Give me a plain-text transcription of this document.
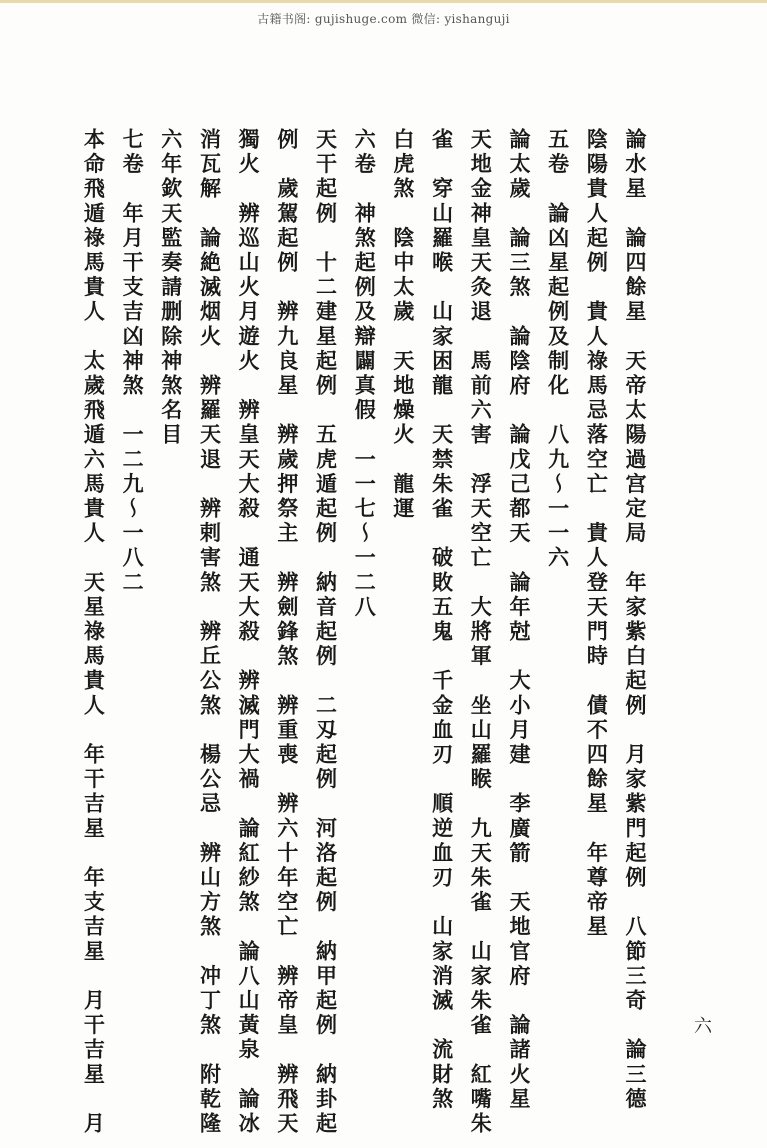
古籍书阁: gujishuge.com 微信: yishanguji
論水星　論四餘星　天帝太陽過宫定局　年家紫白起例　月家紫門起例　八節三奇　論三德
陰陽貴人起例　貴人祿馬忌落空亡　貴人登天門時　債不四餘星　年尊帝星
五卷　論凶星起例及制化　八九～一一六
論太歲　論三煞　論陰府　論戊己都天　論年尅　大小月建　李廣箭　天地官府　論諸火星
天地金神皇天灸退　馬前六害　浮天空亡　大將軍　坐山羅睺　九天朱雀　山家朱雀　紅嘴朱
雀　穿山羅喉　山家困龍　天禁朱雀　破敗五鬼　千金血刃　順逆血刃　山家消滅　流財煞
白虎煞　陰中太歲　天地燥火　龍運
六卷　神煞起例及辯闢真假　一一七～一二八
天干起例　十二建星起例　五虎遁起例　納音起例　二刄起例　河洛起例　納甲起例　納卦起
例　歲駕起例　辨九良星　辨歲押祭主　辨劍鋒煞　辨重喪　辨六十年空亡　辨帝皇　辨飛天
獨火　辨巡山火月遊火　辨皇天大殺　通天大殺　辨滅門大禍　論紅紗煞　論八山黃泉　論冰
消瓦解　論絶滅烟火　辨羅天退　辨剌害煞　辨丘公煞　楊公忌　辨山方煞　冲丁煞　附乾隆
六年欽天監奏請删除神煞名目
七卷　年月干支吉凶神煞　一二九～一八二
本命飛遁祿馬貴人　太歲飛遁六馬貴人　天星祿馬貴人　年干吉星　年支吉星　月干吉星　月	六
